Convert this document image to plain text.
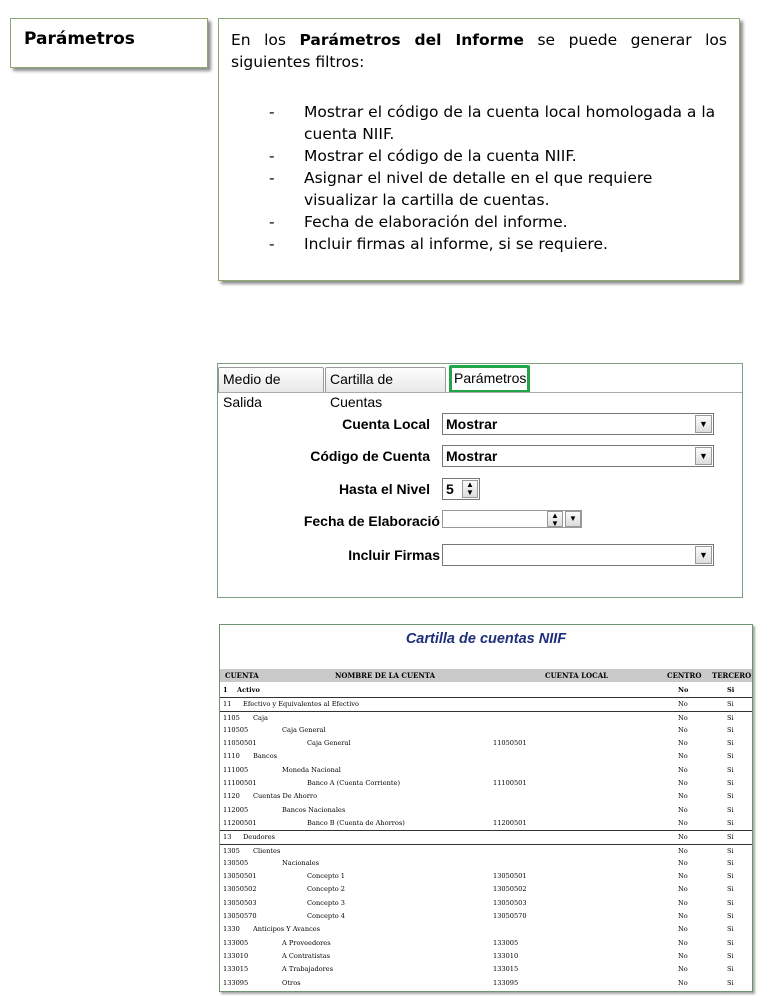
Parámetros	En los Parámetros del Informe se puede generar los siguientes filtros:

- Mostrar el código de la cuenta local homologada a la cuenta NIIF.
- Mostrar el código de la cuenta NIIF.
- Asignar el nivel de detalle en el que requiere visualizar la cartilla de cuentas.
- Fecha de elaboración del informe.
- Incluir firmas al informe, si se requiere.
Medio de Salida
Cartilla de Cuentas
Parámetros
Cuenta Local Mostrar	▼
Código de Cuenta Mostrar	▼
Hasta el Nivel 5	▲
▼
Fecha de Elaboració	▲
▼
▼
Incluir Firmas	▼
Cartilla de cuentas NIIF
CUENTA	NOMBRE DE LA CUENTA	CUENTA LOCAL	CENTRO TERCERO
1 Activo	No	Si
11 Efectivo y Equivalentes al Efectivo	No	Si
1105 Caja	No	Si
110505	Caja General	No	Si
11050501	Caja General	11050501	No	Si
1110 Bancos	No	Si
111005	Moneda Nacional	No	Si
11100501	Banco A (Cuenta Corriente)	11100501	No	Si
1120 Cuentas De Ahorro	No	Si
112005	Bancos Nacionales	No	Si
11200501	Banco B (Cuenta de Ahorros)	11200501	No	Si
13 Deudores	No	Si
1305 Clientes	No	Si
130505	Nacionales	No	Si
13050501	Concepto 1	13050501	No	Si
13050502	Concepto 2	13050502	No	Si
13050503	Concepto 3	13050503	No	Si
13050570	Concepto 4	13050570	No	Si
1330 Anticipos Y Avances	No	Si
133005	A Proveedores	133005	No	Si
133010	A Contratistas	133010	No	Si
133015	A Trabajadores	133015	No	Si
133095	Otros	133095	No	Si
